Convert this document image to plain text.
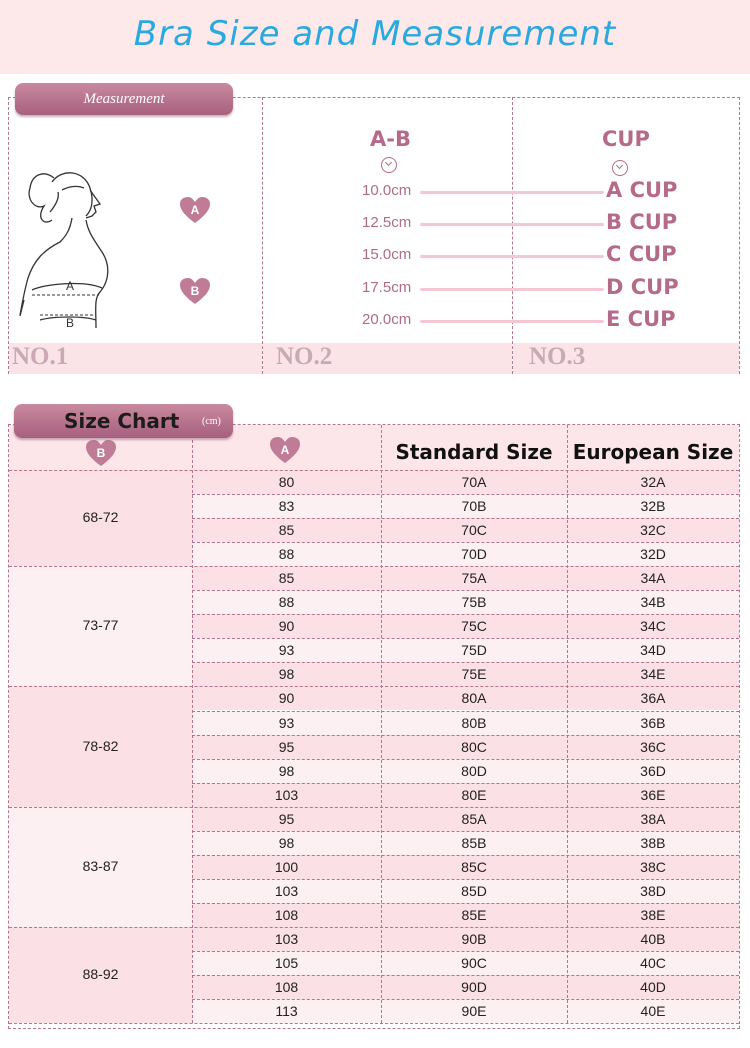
Bra Size and Measurement
Measurement
NO.1	NO.2	NO.3
A
B
A
B
A-B	CUP
10.0cm	A CUP
12.5cm	B CUP
15.0cm	C CUP
17.5cm	D CUP
20.0cm	E CUP
Standard Size	European Size
B	A
68-72
80	70A	32A
83	70B	32B
85	70C	32C
88	70D	32D
73-77
85	75A	34A
88	75B	34B
90	75C	34C
93	75D	34D
98	75E	34E
78-82
90	80A	36A
93	80B	36B
95	80C	36C
98	80D	36D
103	80E	36E
83-87
95	85A	38A
98	85B	38B
100	85C	38C
103	85D	38D
108	85E	38E
88-92
103	90B	40B
105	90C	40C
108	90D	40D
113	90E	40E
Size Chart (cm)
